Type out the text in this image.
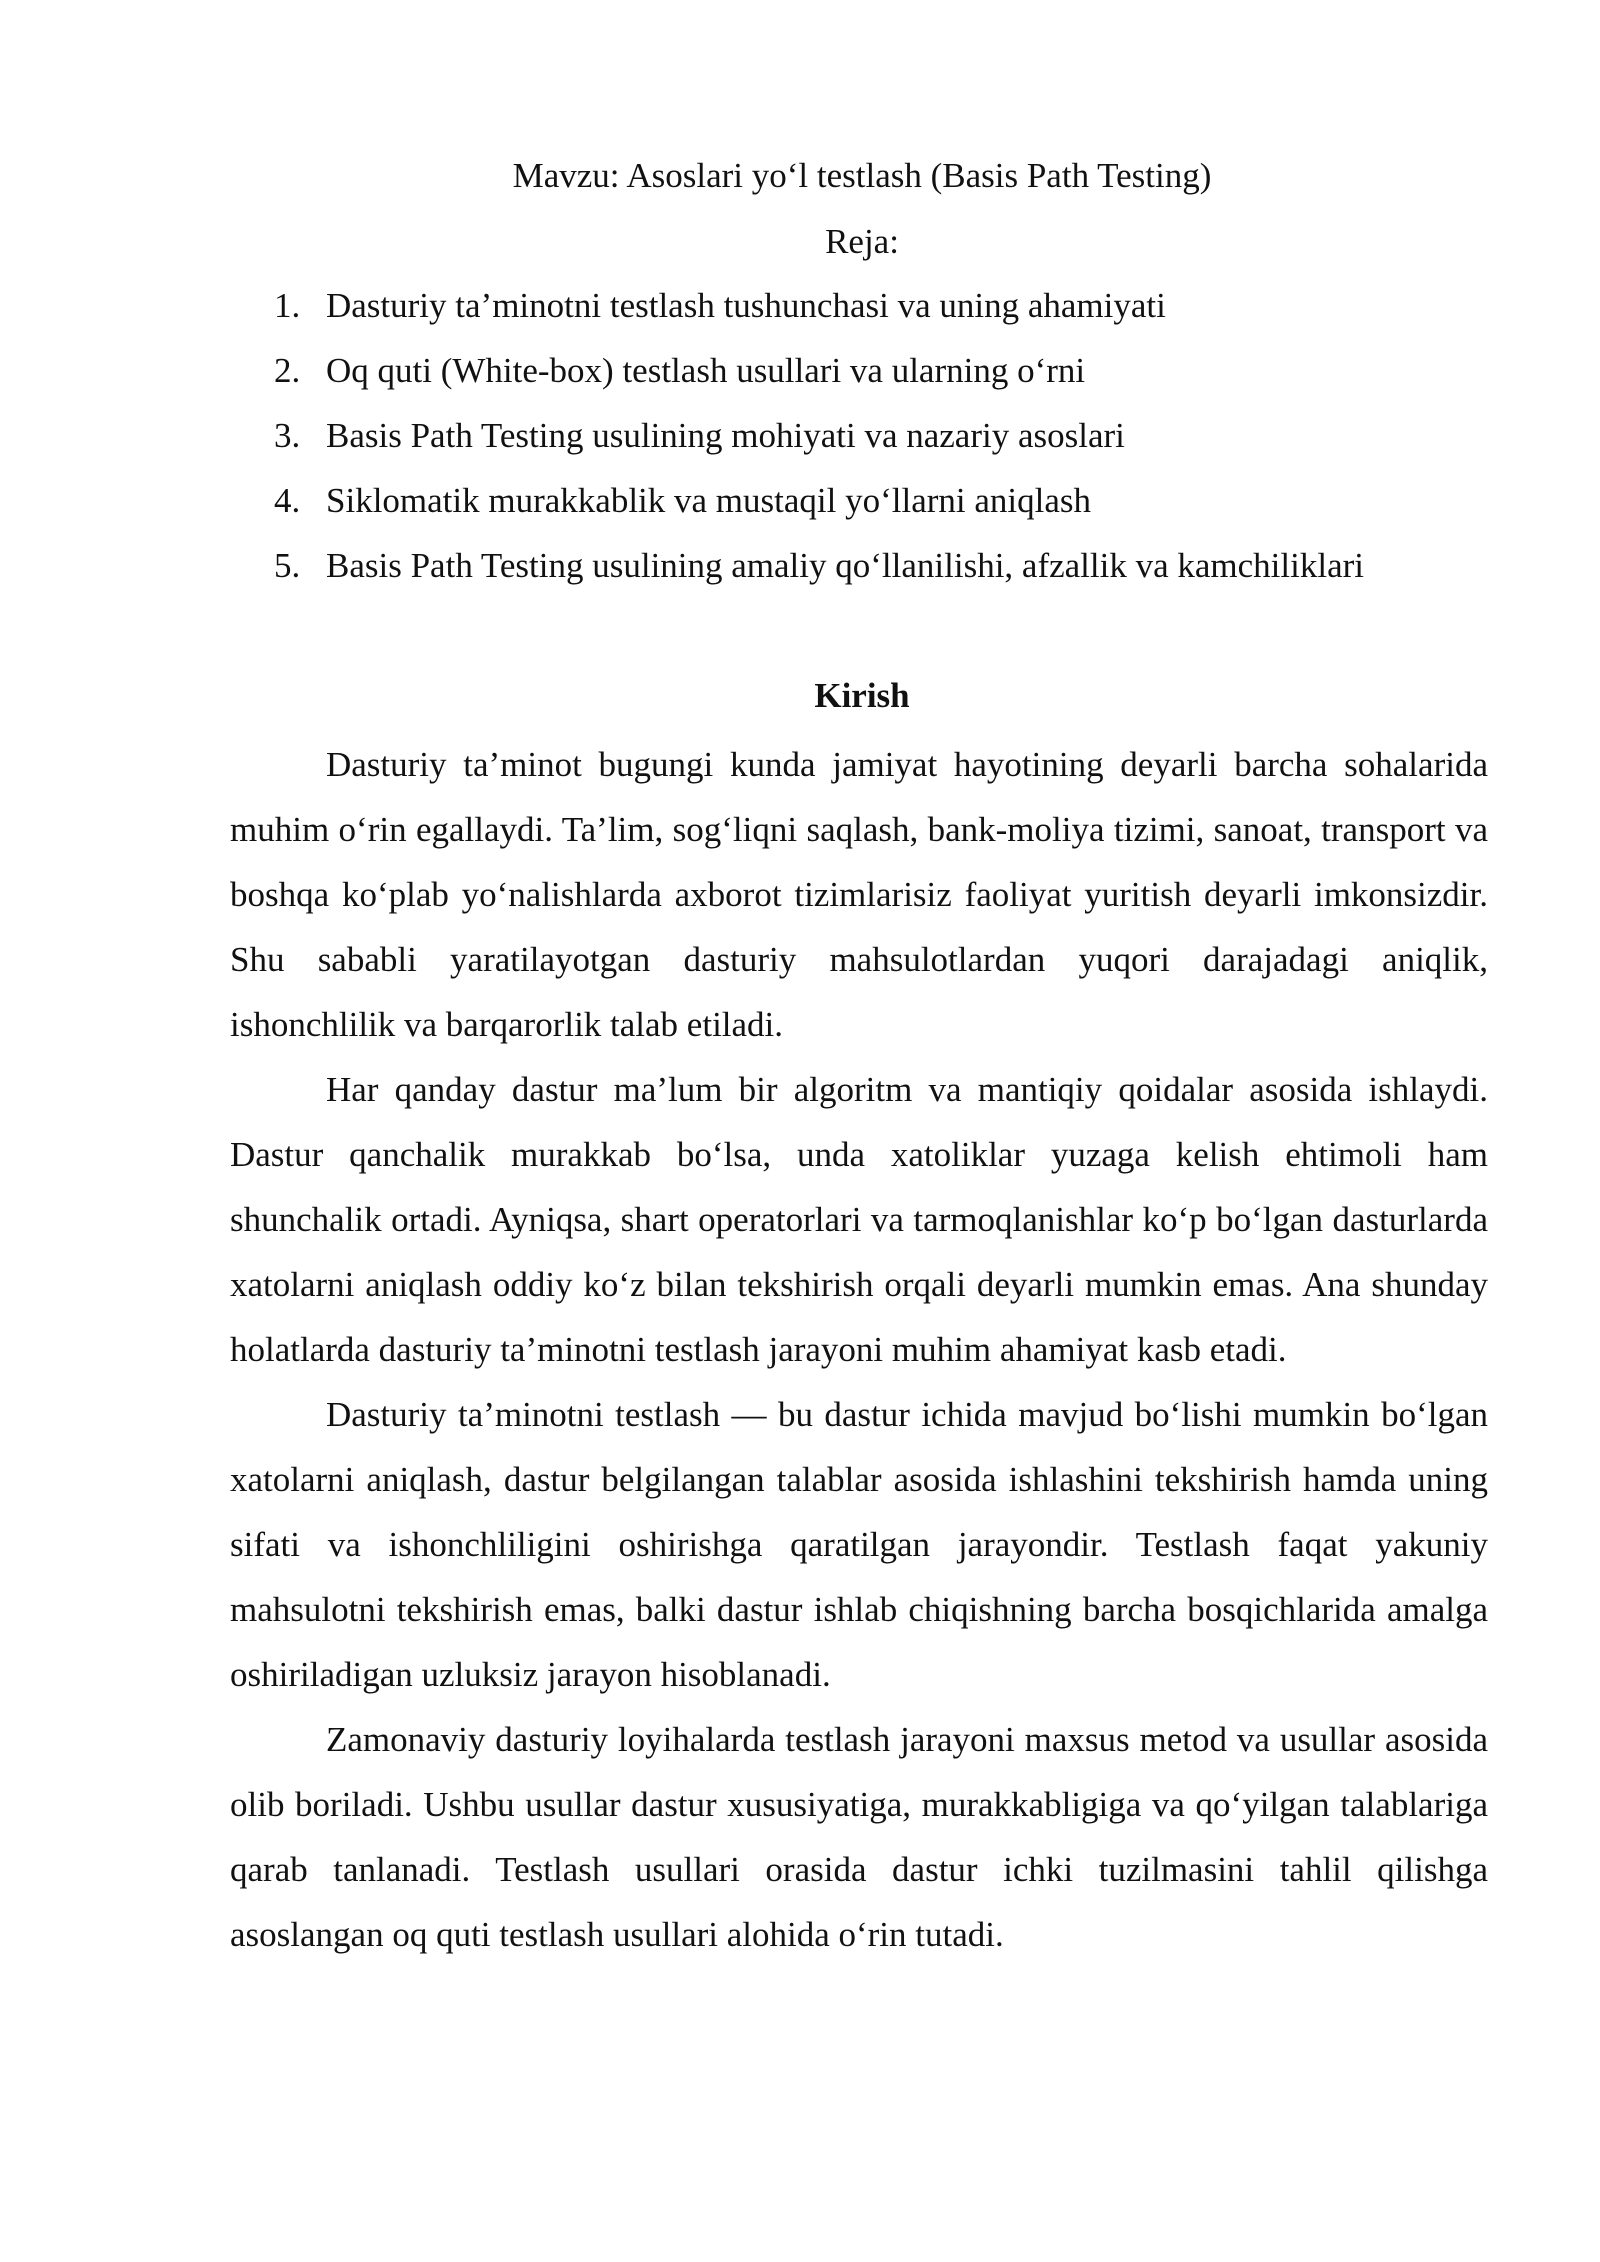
Mavzu: Asoslari yo‘l testlash (Basis Path Testing)
Reja:
1. Dasturiy ta’minotni testlash tushunchasi va uning ahamiyati
2. Oq quti (White-box) testlash usullari va ularning o‘rni
3. Basis Path Testing usulining mohiyati va nazariy asoslari
4. Siklomatik murakkablik va mustaqil yo‘llarni aniqlash
5. Basis Path Testing usulining amaliy qo‘llanilishi, afzallik va kamchiliklari
Kirish

Dasturiy ta’minot bugungi kunda jamiyat hayotining deyarli barcha sohalarida muhim o‘rin egallaydi. Ta’lim, sog‘liqni saqlash, bank-moliya tizimi, sanoat, transport va boshqa ko‘plab yo‘nalishlarda axborot tizimlarisiz faoliyat yuritish deyarli imkonsizdir. Shu sababli yaratilayotgan dasturiy mahsulotlardan yuqori darajadagi aniqlik, ishonchlilik va barqarorlik talab etiladi.

Har qanday dastur ma’lum bir algoritm va mantiqiy qoidalar asosida ishlaydi. Dastur qanchalik murakkab bo‘lsa, unda xatoliklar yuzaga kelish ehtimoli ham shunchalik ortadi. Ayniqsa, shart operatorlari va tarmoqlanishlar ko‘p bo‘lgan dasturlarda xatolarni aniqlash oddiy ko‘z bilan tekshirish orqali deyarli mumkin emas. Ana shunday holatlarda dasturiy ta’minotni testlash jarayoni muhim ahamiyat kasb etadi.

Dasturiy ta’minotni testlash — bu dastur ichida mavjud bo‘lishi mumkin bo‘lgan xatolarni aniqlash, dastur belgilangan talablar asosida ishlashini tekshirish hamda uning sifati va ishonchliligini oshirishga qaratilgan jarayondir. Testlash faqat yakuniy mahsulotni tekshirish emas, balki dastur ishlab chiqishning barcha bosqichlarida amalga oshiriladigan uzluksiz jarayon hisoblanadi.

Zamonaviy dasturiy loyihalarda testlash jarayoni maxsus metod va usullar asosida olib boriladi. Ushbu usullar dastur xususiyatiga, murakkabligiga va qo‘yilgan talablariga qarab tanlanadi. Testlash usullari orasida dastur ichki tuzilmasini tahlil qilishga asoslangan oq quti testlash usullari alohida o‘rin tutadi.
